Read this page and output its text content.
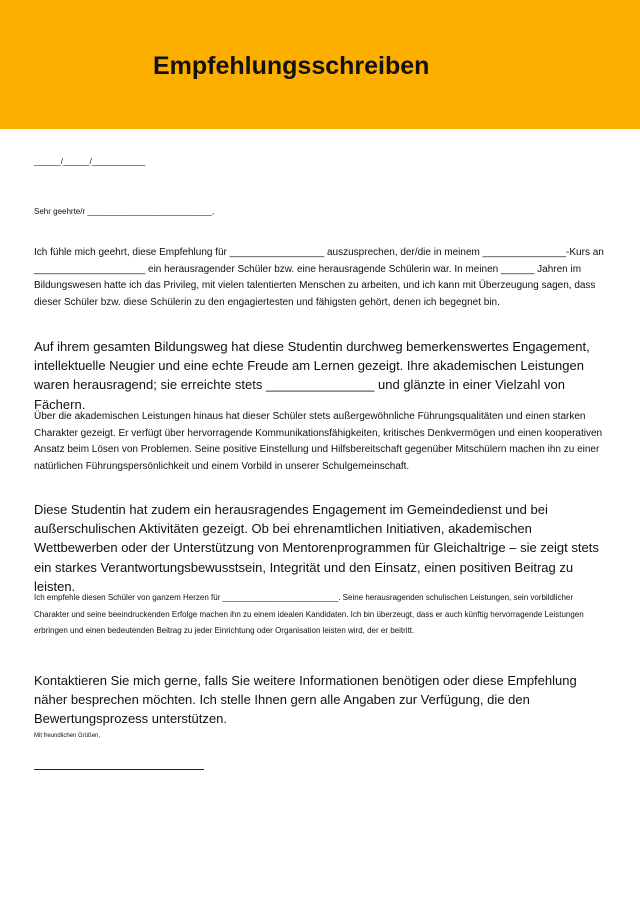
Empfehlungsschreiben

______/______/____________

Sehr geehrte/r ____________________________,

Ich fühle mich geehrt, diese Empfehlung für _________________ auszusprechen, der/die in meinem _______________-Kurs an ____________________ ein herausragender Schüler bzw. eine herausragende Schülerin war. In meinen ______ Jahren im Bildungswesen hatte ich das Privileg, mit vielen talentierten Menschen zu arbeiten, und ich kann mit Überzeugung sagen, dass dieser Schüler bzw. diese Schülerin zu den engagiertesten und fähigsten gehört, denen ich begegnet bin.

Auf ihrem gesamten Bildungsweg hat diese Studentin durchweg bemerkenswertes Engagement, intellektuelle Neugier und eine echte Freude am Lernen gezeigt. Ihre akademischen Leistungen waren herausragend; sie erreichte stets _______________ und glänzte in einer Vielzahl von Fächern.

Über die akademischen Leistungen hinaus hat dieser Schüler stets außergewöhnliche Führungsqualitäten und einen starken Charakter gezeigt. Er verfügt über hervorragende Kommunikationsfähigkeiten, kritisches Denkvermögen und einen kooperativen Ansatz beim Lösen von Problemen. Seine positive Einstellung und Hilfsbereitschaft gegenüber Mitschülern machen ihn zu einer natürlichen Führungspersönlichkeit und einem Vorbild in unserer Schulgemeinschaft.

Diese Studentin hat zudem ein herausragendes Engagement im Gemeindedienst und bei außerschulischen Aktivitäten gezeigt. Ob bei ehrenamtlichen Initiativen, akademischen Wettbewerben oder der Unterstützung von Mentorenprogrammen für Gleichaltrige – sie zeigt stets ein starkes Verantwortungsbewusstsein, Integrität und den Einsatz, einen positiven Beitrag zu leisten.

Ich empfehle diesen Schüler von ganzem Herzen für __________________________. Seine herausragenden schulischen Leistungen, sein vorbildlicher Charakter und seine beeindruckenden Erfolge machen ihn zu einem idealen Kandidaten. Ich bin überzeugt, dass er auch künftig hervorragende Leistungen erbringen und einen bedeutenden Beitrag zu jeder Einrichtung oder Organisation leisten wird, der er beitritt.

Kontaktieren Sie mich gerne, falls Sie weitere Informationen benötigen oder diese Empfehlung näher besprechen möchten. Ich stelle Ihnen gern alle Angaben zur Verfügung, die den Bewertungsprozess unterstützen.

Mit freundlichen Grüßen,
